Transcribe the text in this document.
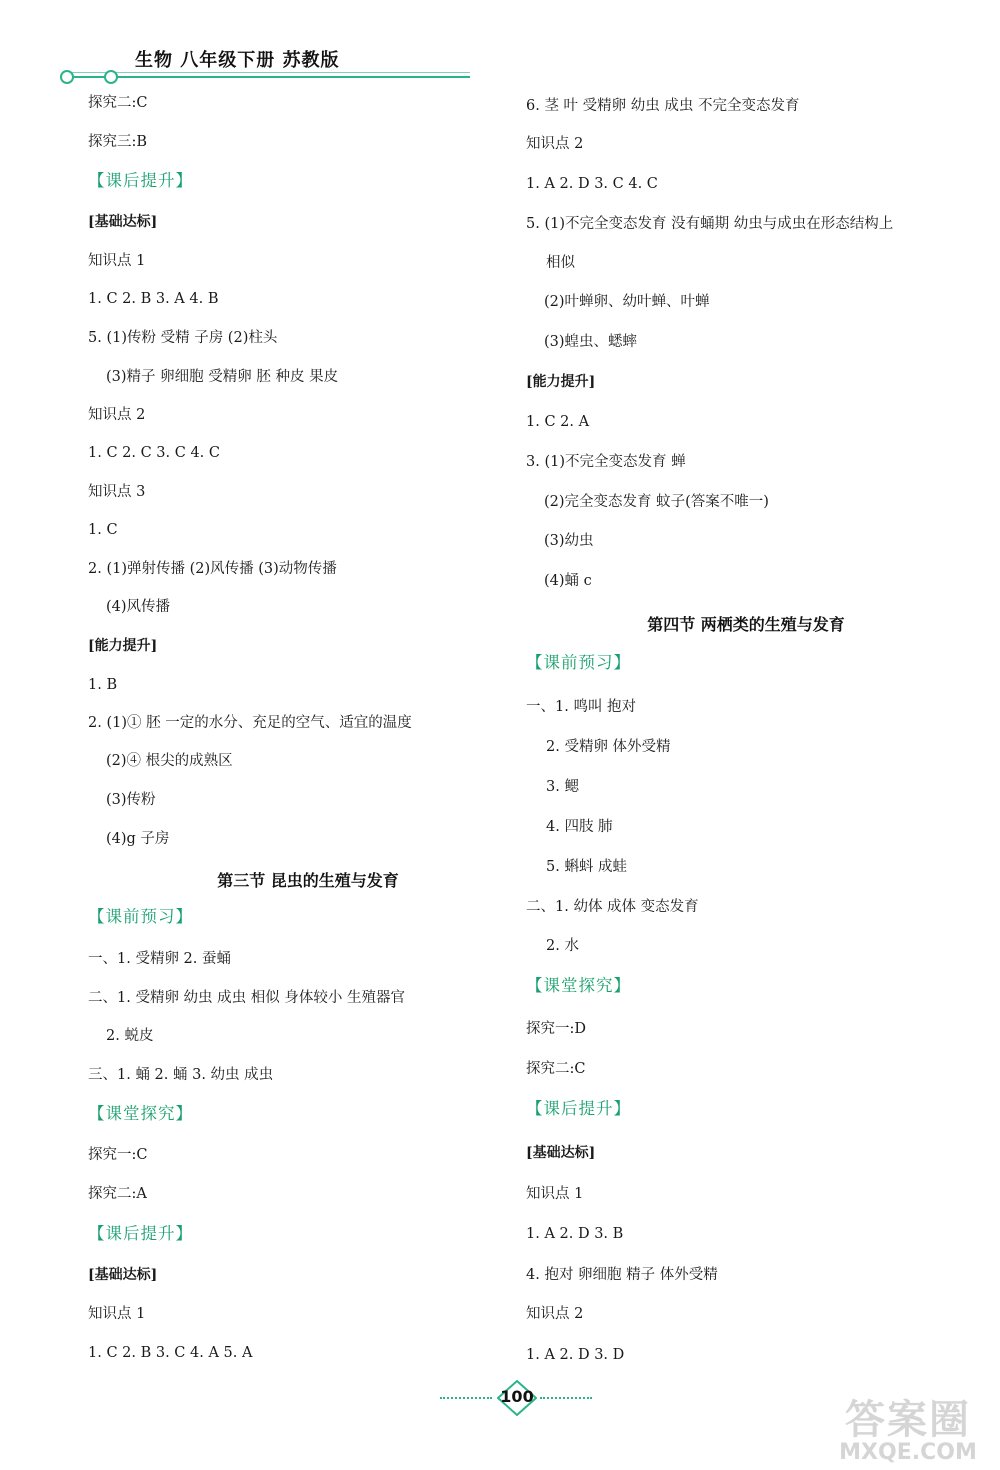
生物 八年级下册 苏教版
探究二:C
探究三:B
【课后提升】
[基础达标]
知识点 1
1. C 2. B 3. A 4. B
5. (1)传粉 受精 子房 (2)柱头
(3)精子 卵细胞 受精卵 胚 种皮 果皮
知识点 2
1. C 2. C 3. C 4. C
知识点 3
1. C
2. (1)弹射传播 (2)风传播 (3)动物传播
(4)风传播
[能力提升]
1. B
2. (1)① 胚 一定的水分、充足的空气、适宜的温度
(2)④ 根尖的成熟区
(3)传粉
(4)g 子房
第三节 昆虫的生殖与发育
【课前预习】
一、1. 受精卵 2. 蚕蛹
二、1. 受精卵 幼虫 成虫 相似 身体较小 生殖器官
2. 蜕皮
三、1. 蛹 2. 蛹 3. 幼虫 成虫
【课堂探究】
探究一:C
探究二:A
【课后提升】
[基础达标]
知识点 1
1. C 2. B 3. C 4. A 5. A
6. 茎 叶 受精卵 幼虫 成虫 不完全变态发育
知识点 2
1. A 2. D 3. C 4. C
5. (1)不完全变态发育 没有蛹期 幼虫与成虫在形态结构上
相似
(2)叶蝉卵、幼叶蝉、叶蝉
(3)蝗虫、蟋蟀
[能力提升]
1. C 2. A
3. (1)不完全变态发育 蝉
(2)完全变态发育 蚊子(答案不唯一)
(3)幼虫
(4)蛹 c
第四节 两栖类的生殖与发育
【课前预习】
一、1. 鸣叫 抱对
2. 受精卵 体外受精
3. 鳃
4. 四肢 肺
5. 蝌蚪 成蛙
二、1. 幼体 成体 变态发育
2. 水
【课堂探究】
探究一:D
探究二:C
【课后提升】
[基础达标]
知识点 1
1. A 2. D 3. B
4. 抱对 卵细胞 精子 体外受精
知识点 2
1. A 2. D 3. D
100
答案圈
MXQE.COM
